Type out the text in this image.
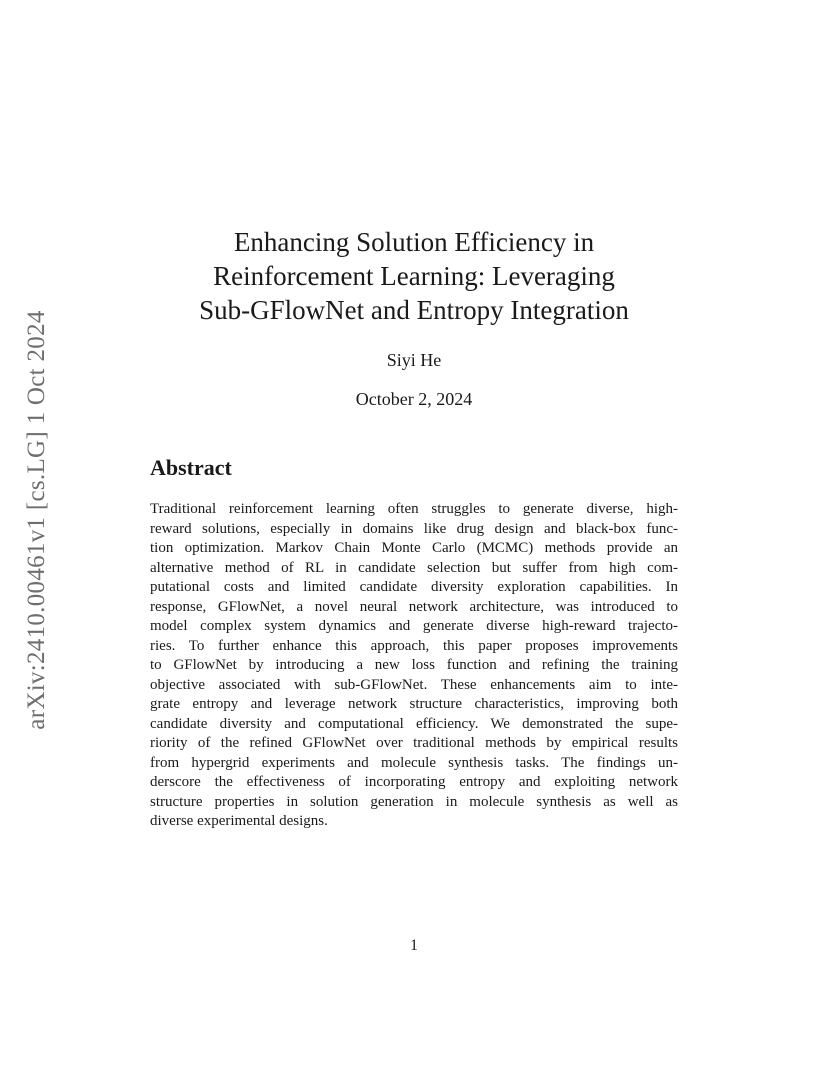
arXiv:2410.00461v1 [cs.LG] 1 Oct 2024
Enhancing Solution Efficiency in
Reinforcement Learning: Leveraging
Sub-GFlowNet and Entropy Integration
Siyi He
October 2, 2024
Abstract
Traditional reinforcement learning often struggles to generate diverse, high-
reward solutions, especially in domains like drug design and black-box func-
tion optimization. Markov Chain Monte Carlo (MCMC) methods provide an
alternative method of RL in candidate selection but suffer from high com-
putational costs and limited candidate diversity exploration capabilities. In
response, GFlowNet, a novel neural network architecture, was introduced to
model complex system dynamics and generate diverse high-reward trajecto-
ries. To further enhance this approach, this paper proposes improvements
to GFlowNet by introducing a new loss function and refining the training
objective associated with sub-GFlowNet. These enhancements aim to inte-
grate entropy and leverage network structure characteristics, improving both
candidate diversity and computational efficiency. We demonstrated the supe-
riority of the refined GFlowNet over traditional methods by empirical results
from hypergrid experiments and molecule synthesis tasks. The findings un-
derscore the effectiveness of incorporating entropy and exploiting network
structure properties in solution generation in molecule synthesis as well as
diverse experimental designs.
1
